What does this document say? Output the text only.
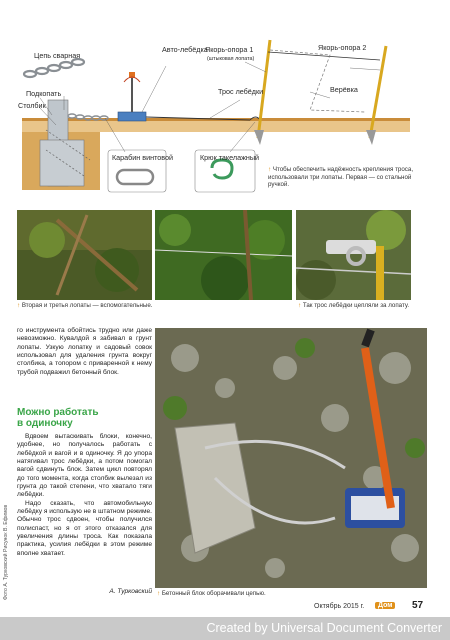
Цепь сварная
Авто-лебёдка
Якорь-опора 1
(штыковая лопата)
Якорь-опора 2
Подкопать
Столбик
Трос лебёдки	Верёвка
Карабин винтовой	Крюк такелажный
↑ Чтобы обеспечить надёжность крепления троса, использовали три лопаты. Первая — со стальной ручкой.
↑ Вторая и третья лопаты — вспомогательные.	↑ Так трос лебёдки цепляли за лопату.

го инструмента обойтись трудно или даже невозможно. Кувалдой я забивал в грунт лопаты. Узкую лопатку и садовый совок использовал для удаления грунта вокруг столбика, а топором с приваренной к нему трубой подважил бетонный блок.

Можно работать
в одиночку

Вдвоем вытаскивать блоки, конечно, удобнее, но получалось работать с лебёдкой и вагой и в одиночку. Я до упора натягивал трос лебёдки, а потом помогал вагой сдвинуть блок. Затем цикл повторял до того момента, когда столбик вылезал из грунта до такой степени, что хватало тяги лебёдки.

Надо сказать, что автомобильную лебёдку я использую не в штатном режиме. Обычно трос сдвоен, чтобы получился полиспаст, но я от этого отказался для увеличения длины троса. Как показала практика, усилия лебёдки в этом режиме вполне хватает.

А. Турковский
Фото А. Турковский Рисунок В. Ефимов	↑ Бетонный блок оборачивали цепью.
Октябрь 2015 г.	Дом	57
Created by Universal Document Converter
